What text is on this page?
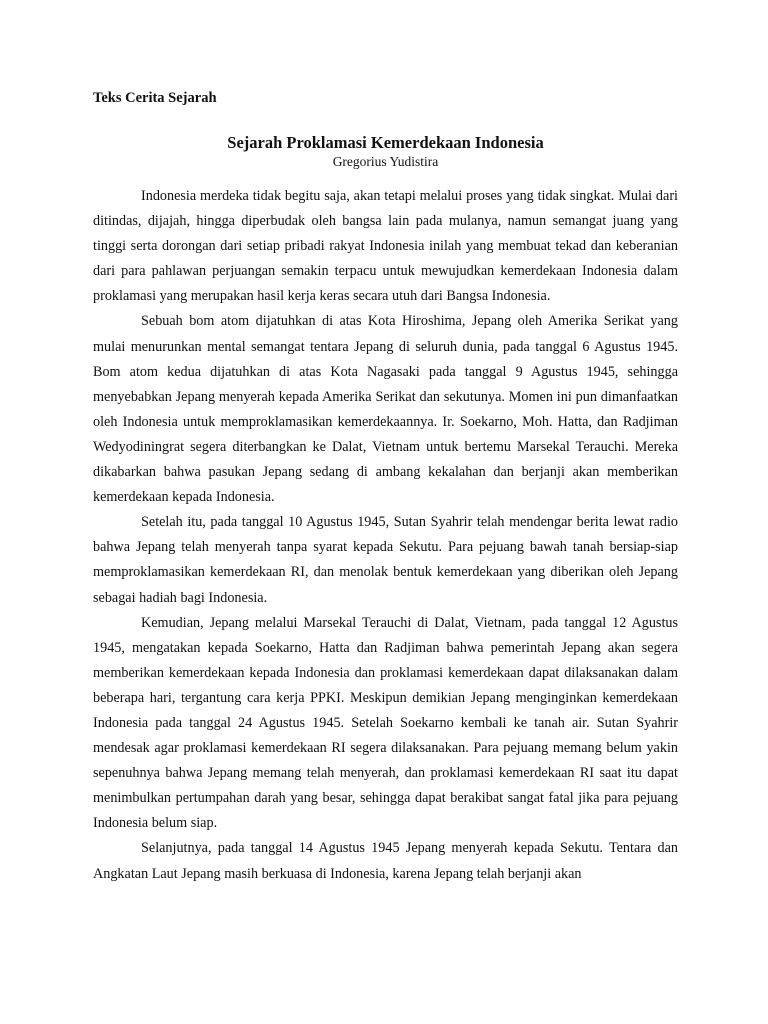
Teks Cerita Sejarah

Sejarah Proklamasi Kemerdekaan Indonesia

Gregorius Yudistira

Indonesia merdeka tidak begitu saja, akan tetapi melalui proses yang tidak singkat. Mulai dari ditindas, dijajah, hingga diperbudak oleh bangsa lain pada mulanya, namun semangat juang yang tinggi serta dorongan dari setiap pribadi rakyat Indonesia inilah yang membuat tekad dan keberanian dari para pahlawan perjuangan semakin terpacu untuk mewujudkan kemerdekaan Indonesia dalam proklamasi yang merupakan hasil kerja keras secara utuh dari Bangsa Indonesia.

Sebuah bom atom dijatuhkan di atas Kota Hiroshima, Jepang oleh Amerika Serikat yang mulai menurunkan mental semangat tentara Jepang di seluruh dunia, pada tanggal 6 Agustus 1945. Bom atom kedua dijatuhkan di atas Kota Nagasaki pada tanggal 9 Agustus 1945, sehingga menyebabkan Jepang menyerah kepada Amerika Serikat dan sekutunya. Momen ini pun dimanfaatkan oleh Indonesia untuk memproklamasikan kemerdekaannya. Ir. Soekarno, Moh. Hatta, dan Radjiman Wedyodiningrat segera diterbangkan ke Dalat, Vietnam untuk bertemu Marsekal Terauchi. Mereka dikabarkan bahwa pasukan Jepang sedang di ambang kekalahan dan berjanji akan memberikan kemerdekaan kepada Indonesia.

Setelah itu, pada tanggal 10 Agustus 1945, Sutan Syahrir telah mendengar berita lewat radio bahwa Jepang telah menyerah tanpa syarat kepada Sekutu. Para pejuang bawah tanah bersiap-siap memproklamasikan kemerdekaan RI, dan menolak bentuk kemerdekaan yang diberikan oleh Jepang sebagai hadiah bagi Indonesia.

Kemudian, Jepang melalui Marsekal Terauchi di Dalat, Vietnam, pada tanggal 12 Agustus 1945, mengatakan kepada Soekarno, Hatta dan Radjiman bahwa pemerintah Jepang akan segera memberikan kemerdekaan kepada Indonesia dan proklamasi kemerdekaan dapat dilaksanakan dalam beberapa hari, tergantung cara kerja PPKI. Meskipun demikian Jepang menginginkan kemerdekaan Indonesia pada tanggal 24 Agustus 1945. Setelah Soekarno kembali ke tanah air. Sutan Syahrir mendesak agar proklamasi kemerdekaan RI segera dilaksanakan. Para pejuang memang belum yakin sepenuhnya bahwa Jepang memang telah menyerah, dan proklamasi kemerdekaan RI saat itu dapat menimbulkan pertumpahan darah yang besar, sehingga dapat berakibat sangat fatal jika para pejuang Indonesia belum siap.

Selanjutnya, pada tanggal 14 Agustus 1945 Jepang menyerah kepada Sekutu. Tentara dan Angkatan Laut Jepang masih berkuasa di Indonesia, karena Jepang telah berjanji akan
